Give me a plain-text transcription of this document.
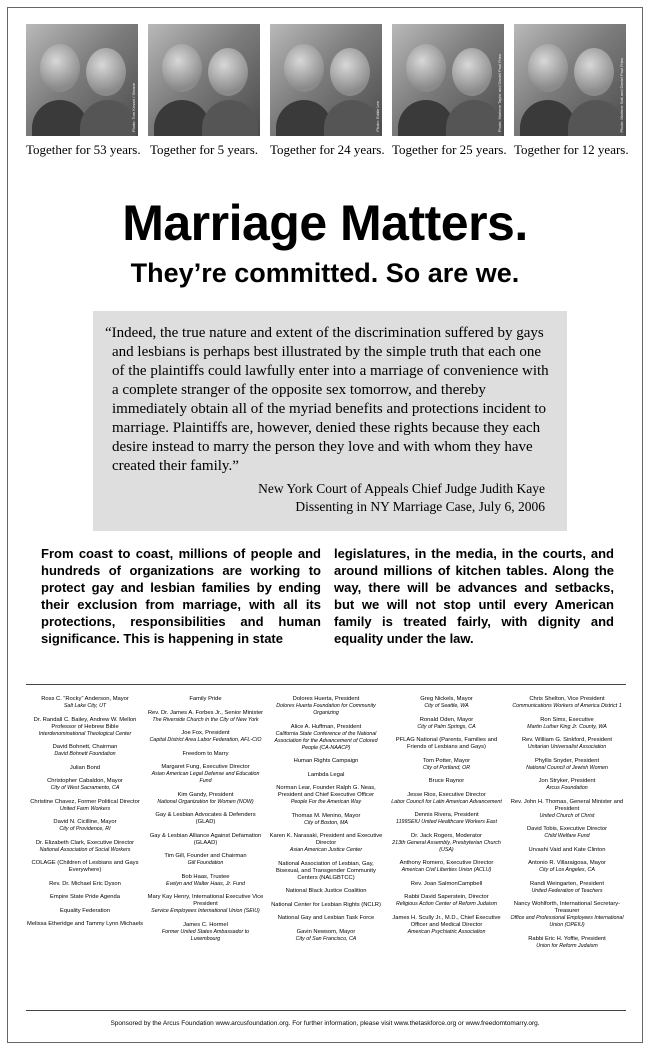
Photo: Tom Kessel / Sloane
Together for 53 years. Together for 5 years.
Photo: Eddie Lee
Together for 24 years.
Photo: Marlene Taylor and Daniel Paul Fries
Together for 25 years.
Photo: Marlene Salt and Daniel Paul Fries
Together for 12 years.
Marriage Matters.
They’re committed. So are we.
“Indeed, the true nature and extent of the discrimination suffered by gays and lesbians is perhaps best illustrated by the simple truth that each one of the plaintiffs could lawfully enter into a marriage of convenience with a complete stranger of the opposite sex tomorrow, and thereby immediately obtain all of the myriad benefits and protections incident to marriage. Plaintiffs are, however, denied these rights because they each desire instead to marry the person they love and with whom they have created their family.”
New York Court of Appeals Chief Judge Judith Kaye
Dissenting in NY Marriage Case, July 6, 2006
From coast to coast, millions of people and hundreds of organizations are working to protect gay and lesbian families by ending their exclusion from marriage, with all its protections, responsibilities and human significance. This is happening in state
legislatures, in the media, in the courts, and around millions of kitchen tables. Along the way, there will be advances and setbacks, but we will not stop until every American family is treated fairly, with dignity and equality under the law.
Ross C. “Rocky” Anderson, Mayor
Salt Lake City, UT
Dr. Randall C. Bailey, Andrew W. Mellon Professor of Hebrew Bible
Interdenominational Theological Center
David Bohnett, Chairman
David Bohnett Foundation
Julian Bond
Christopher Cabaldon, Mayor
City of West Sacramento, CA
Christine Chavez, Former Political Director
United Farm Workers
David N. Cicilline, Mayor
City of Providence, RI
Dr. Elizabeth Clark, Executive Director
National Association of Social Workers
COLAGE (Children of Lesbians and Gays Everywhere)
Rev. Dr. Michael Eric Dyson
Empire State Pride Agenda
Equality Federation
Melissa Etheridge and Tammy Lynn Michaels
Family Pride
Rev. Dr. James A. Forbes Jr., Senior Minister
The Riverside Church in the City of New York
Joe Fox, President
Capital District Area Labor Federation, AFL-CIO
Freedom to Marry
Margaret Fung, Executive Director
Asian American Legal Defense and Education Fund
Kim Gandy, President
National Organization for Women (NOW)
Gay & Lesbian Advocates & Defenders (GLAD)
Gay & Lesbian Alliance Against Defamation (GLAAD)
Tim Gill, Founder and Chairman
Gill Foundation
Bob Haas, Trustee
Evelyn and Walter Haas, Jr. Fund
Mary Kay Henry, International Executive Vice President
Service Employees International Union (SEIU)
James C. Hormel
Former United States Ambassador to Luxembourg
Dolores Huerta, President
Dolores Huerta Foundation for Community Organizing
Alice A. Huffman, President
California State Conference of the National Association for the Advancement of Colored People (CA-NAACP)
Human Rights Campaign
Lambda Legal
Norman Lear, Founder Ralph G. Neas, President and Chief Executive Officer
People For the American Way
Thomas M. Menino, Mayor
City of Boston, MA
Karen K. Narasaki, President and Executive Director
Asian American Justice Center
National Association of Lesbian, Gay, Bisexual, and Transgender Community Centers (NALGBTCC)
National Black Justice Coalition
National Center for Lesbian Rights (NCLR)
National Gay and Lesbian Task Force
Gavin Newsom, Mayor
City of San Francisco, CA
Greg Nickels, Mayor
City of Seattle, WA
Ronald Oden, Mayor
City of Palm Springs, CA
PFLAG National (Parents, Families and Friends of Lesbians and Gays)
Tom Potter, Mayor
City of Portland, OR
Bruce Raynor
Jesse Rios, Executive Director
Labor Council for Latin American Advancement
Dennis Rivera, President
1199SEIU United Healthcare Workers East
Dr. Jack Rogers, Moderator
213th General Assembly, Presbyterian Church (USA)
Anthony Romero, Executive Director
American Civil Liberties Union (ACLU)
Rev. Joan SalmonCampbell
Rabbi David Saperstein, Director
Religious Action Center of Reform Judaism
James H. Scully Jr., M.D., Chief Executive Officer and Medical Director
American Psychiatric Association
Chris Shelton, Vice President
Communications Workers of America District 1
Ron Sims, Executive
Martin Luther King Jr. County, WA
Rev. William G. Sinkford, President
Unitarian Universalist Association
Phyllis Snyder, President
National Council of Jewish Women
Jon Stryker, President
Arcus Foundation
Rev. John H. Thomas, General Minister and President
United Church of Christ
David Tobis, Executive Director
Child Welfare Fund
Urvashi Vaid and Kate Clinton
Antonio R. Villaraigosa, Mayor
City of Los Angeles, CA
Randi Weingarten, President
United Federation of Teachers
Nancy Wohlforth, International Secretary-Treasurer
Office and Professional Employees International Union (OPEIU)
Rabbi Eric H. Yoffie, President
Union for Reform Judaism
Sponsored by the Arcus Foundation www.arcusfoundation.org. For further information, please visit www.thetaskforce.org or www.freedomtomarry.org.
